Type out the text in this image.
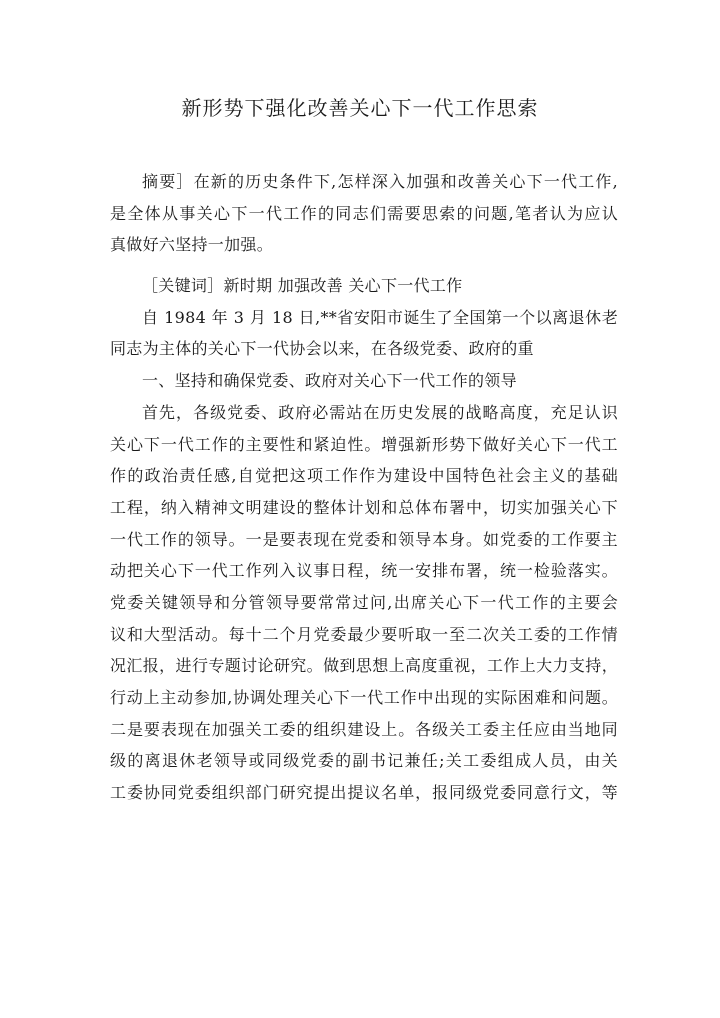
新形势下强化改善关心下一代工作思索
摘要］在新的历史条件下,怎样深入加强和改善关心下一代工作,
是全体从事关心下一代工作的同志们需要思索的问题,笔者认为应认
真做好六坚持一加强。
［关键词］新时期 加强改善 关心下一代工作
自 1984 年 3 月 18 日,**省安阳市诞生了全国第一个以离退休老
同志为主体的关心下一代协会以来，在各级党委、政府的重
一、坚持和确保党委、政府对关心下一代工作的领导
首先，各级党委、政府必需站在历史发展的战略高度，充足认识
关心下一代工作的主要性和紧迫性。增强新形势下做好关心下一代工
作的政治责任感,自觉把这项工作作为建设中国特色社会主义的基础
工程，纳入精神文明建设的整体计划和总体布署中，切实加强关心下
一代工作的领导。一是要表现在党委和领导本身。如党委的工作要主
动把关心下一代工作列入议事日程，统一安排布署，统一检验落实。
党委关键领导和分管领导要常常过问,出席关心下一代工作的主要会
议和大型活动。每十二个月党委最少要听取一至二次关工委的工作情
况汇报，进行专题讨论研究。做到思想上高度重视，工作上大力支持，
行动上主动参加,协调处理关心下一代工作中出现的实际困难和问题。
二是要表现在加强关工委的组织建设上。各级关工委主任应由当地同
级的离退休老领导或同级党委的副书记兼任;关工委组成人员，由关
工委协同党委组织部门研究提出提议名单，报同级党委同意行文，等
